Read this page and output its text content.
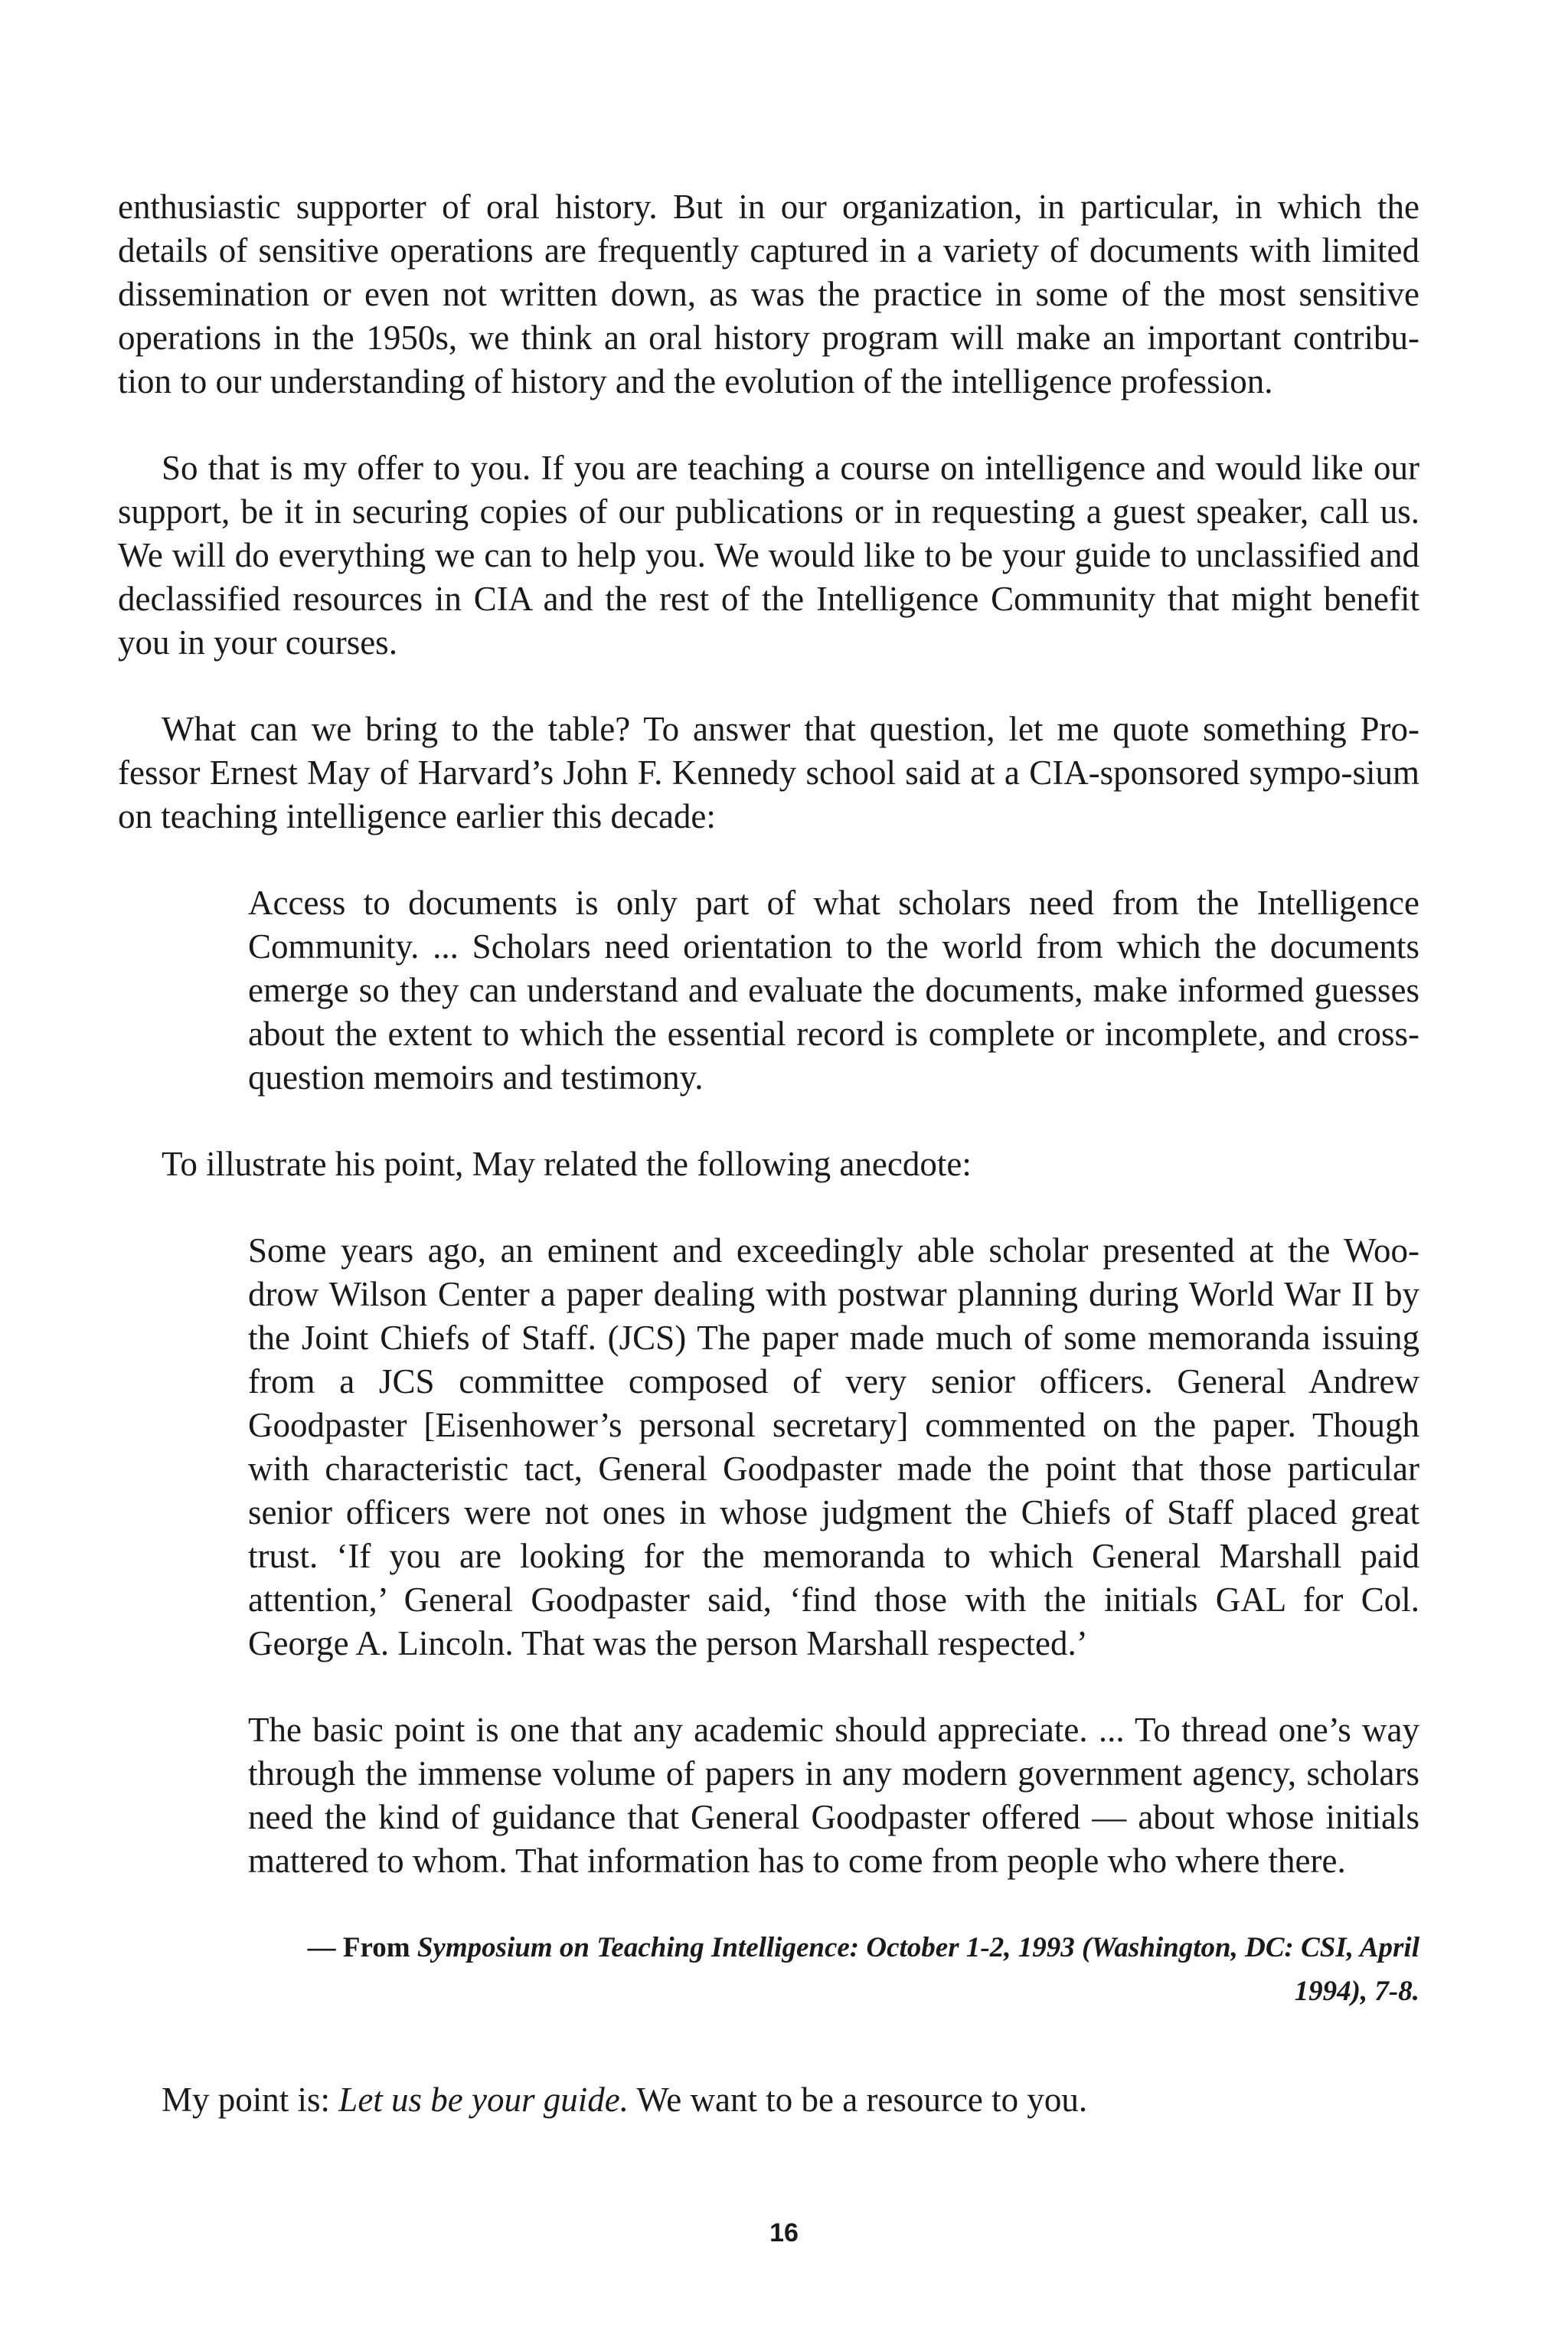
enthusiastic supporter of oral history. But in our organization, in particular, in which the details of sensitive operations are frequently captured in a variety of documents with limited dissemination or even not written down, as was the practice in some of the most sensitive operations in the 1950s, we think an oral history program will make an important contribu-tion to our understanding of history and the evolution of the intelligence profession.

So that is my offer to you. If you are teaching a course on intelligence and would like our support, be it in securing copies of our publications or in requesting a guest speaker, call us. We will do everything we can to help you. We would like to be your guide to unclassified and declassified resources in CIA and the rest of the Intelligence Community that might benefit you in your courses.

What can we bring to the table? To answer that question, let me quote something Pro-fessor Ernest May of Harvard’s John F. Kennedy school said at a CIA-sponsored sympo-sium on teaching intelligence earlier this decade:

Access to documents is only part of what scholars need from the Intelligence Community. ... Scholars need orientation to the world from which the documents emerge so they can understand and evaluate the documents, make informed guesses about the extent to which the essential record is complete or incomplete, and cross-question memoirs and testimony.

To illustrate his point, May related the following anecdote:

Some years ago, an eminent and exceedingly able scholar presented at the Woo-drow Wilson Center a paper dealing with postwar planning during World War II by the Joint Chiefs of Staff. (JCS) The paper made much of some memoranda issuing from a JCS committee composed of very senior officers. General Andrew Goodpaster [Eisenhower’s personal secretary] commented on the paper. Though with characteristic tact, General Goodpaster made the point that those particular senior officers were not ones in whose judgment the Chiefs of Staff placed great trust. ‘If you are looking for the memoranda to which General Marshall paid attention,’ General Goodpaster said, ‘find those with the initials GAL for Col. George A. Lincoln. That was the person Marshall respected.’

The basic point is one that any academic should appreciate. ... To thread one’s way through the immense volume of papers in any modern government agency, scholars need the kind of guidance that General Goodpaster offered — about whose initials mattered to whom. That information has to come from people who where there.

— From Symposium on Teaching Intelligence: October 1-2, 1993 (Washington, DC: CSI, April 1994), 7-8.

My point is: Let us be your guide. We want to be a resource to you.

16
